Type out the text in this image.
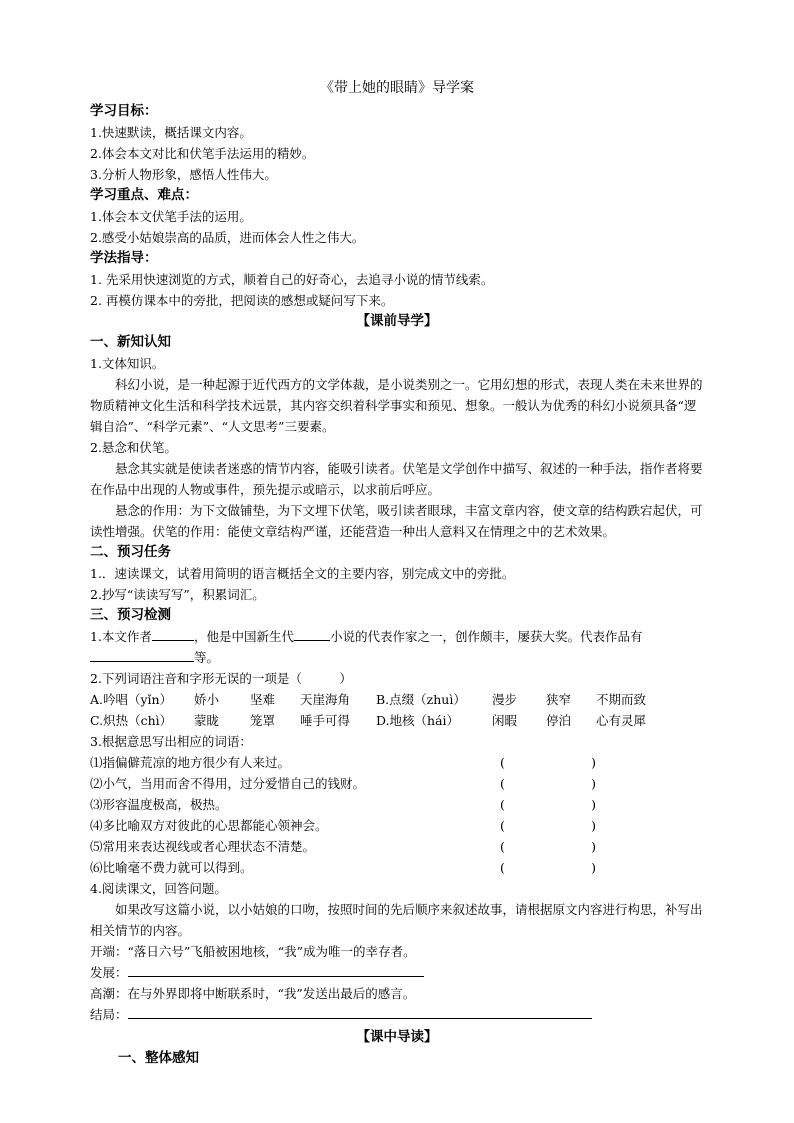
《带上她的眼睛》导学案
学习目标：
1.快速默读，概括课文内容。
2.体会本文对比和伏笔手法运用的精妙。
3.分析人物形象，感悟人性伟大。
学习重点、难点：
1.体会本文伏笔手法的运用。
2.感受小姑娘崇高的品质，进而体会人性之伟大。
学法指导：
1. 先采用快速浏览的方式，顺着自己的好奇心，去追寻小说的情节线索。
2. 再模仿课本中的旁批，把阅读的感想或疑问写下来。
【课前导学】
一、新知认知
1.文体知识。
科幻小说，是一种起源于近代西方的文学体裁，是小说类别之一。它用幻想的形式，表现人类在未来世界的物质精神文化生活和科学技术远景，其内容交织着科学事实和预见、想象。一般认为优秀的科幻小说须具备“逻辑自洽”、“科学元素”、“人文思考”三要素。
2.悬念和伏笔。
悬念其实就是使读者迷惑的情节内容，能吸引读者。伏笔是文学创作中描写、叙述的一种手法，指作者将要在作品中出现的人物或事件，预先提示或暗示，以求前后呼应。
悬念的作用：为下文做铺垫，为下文埋下伏笔，吸引读者眼球，丰富文章内容，使文章的结构跌宕起伏，可读性增强。伏笔的作用：能使文章结构严谨，还能营造一种出人意料又在情理之中的艺术效果。
二、预习任务
1.．速读课文，试着用简明的语言概括全文的主要内容，别完成文中的旁批。
2.抄写“读读写写”，积累词汇。
三、预习检测
1.本文作者	，他是中国新生代	小说的代表作家之一，创作颇丰，屡获大奖。代表作品有
等。
2.下列词语注音和字形无误的一项是（　　　）
A.吟唱（yǐn）	娇小	坚难	天崖海角	B.点缀（zhuì）	漫步	狭窄	不期而致
C.炽热（chì）	蒙眬	笼罩	唾手可得	D.地核（hái）	闲暇	停泊	心有灵犀
3.根据意思写出相应的词语：
⑴指偏僻荒凉的地方很少有人来过。	(	)
⑵小气，当用而舍不得用，过分爱惜自己的钱财。	(	)
⑶形容温度极高，极热。	(	)
⑷多比喻双方对彼此的心思都能心领神会。	(	)
⑸常用来表达视线或者心理状态不清楚。	(	)
⑹比喻毫不费力就可以得到。	(	)
4.阅读课文，回答问题。
如果改写这篇小说，以小姑娘的口吻，按照时间的先后顺序来叙述故事，请根据原文内容进行构思，补写出相关情节的内容。
开端：“落日六号”飞船被困地核，“我”成为唯一的幸存者。
发展：
高潮：在与外界即将中断联系时，“我”发送出最后的感言。
结局：
【课中导读】
一、整体感知
